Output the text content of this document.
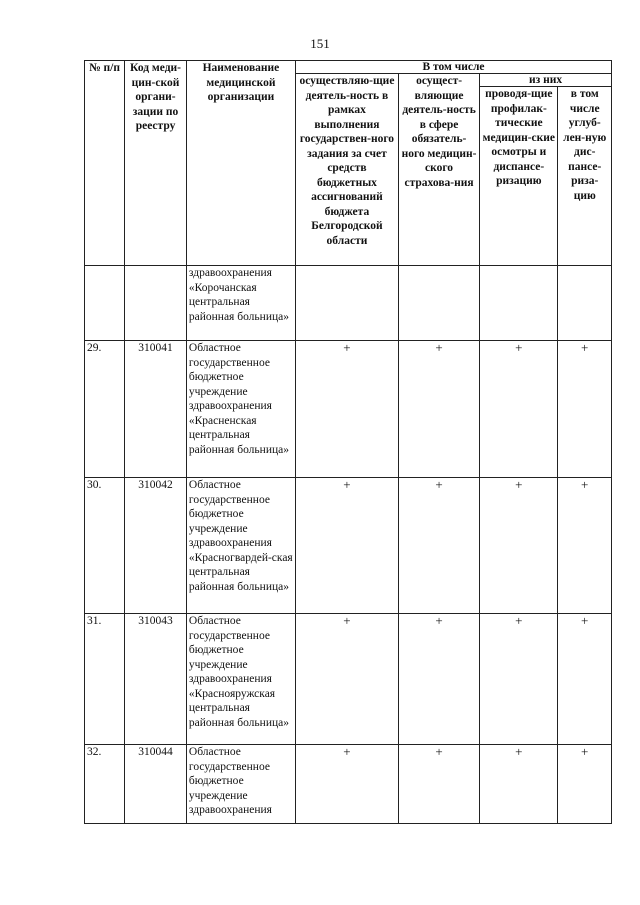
151
№ п/п	Код меди-цин-ской органи-зации по реестру	Наименование медицинской организации	В том числе			
			осуществляю-щие деятель-ность в рамках выполнения государствен-ного задания за счет средств бюджетных ассигнований бюджета Белгородской области	осущест-вляющие деятель-ность в сфере обязатель-ного медицин-ского страхова-ния	из них	
					проводя-щие профилак-тические медицин-ские осмотры и диспансе-ризацию	в том числе углуб-лен-ную дис-пансе-риза-цию
		здравоохранения «Корочанская центральная районная больница»				
29.	310041	Областное государственное бюджетное учреждение здравоохранения «Красненская центральная районная больница»	+	+	+	+
30.	310042	Областное государственное бюджетное учреждение здравоохранения «Красногвардей-ская центральная районная больница»	+	+	+	+
31.	310043	Областное государственное бюджетное учреждение здравоохранения «Краснояружская центральная районная больница»	+	+	+	+
32.	310044	Областное государственное бюджетное учреждение здравоохранения	+	+	+	+
